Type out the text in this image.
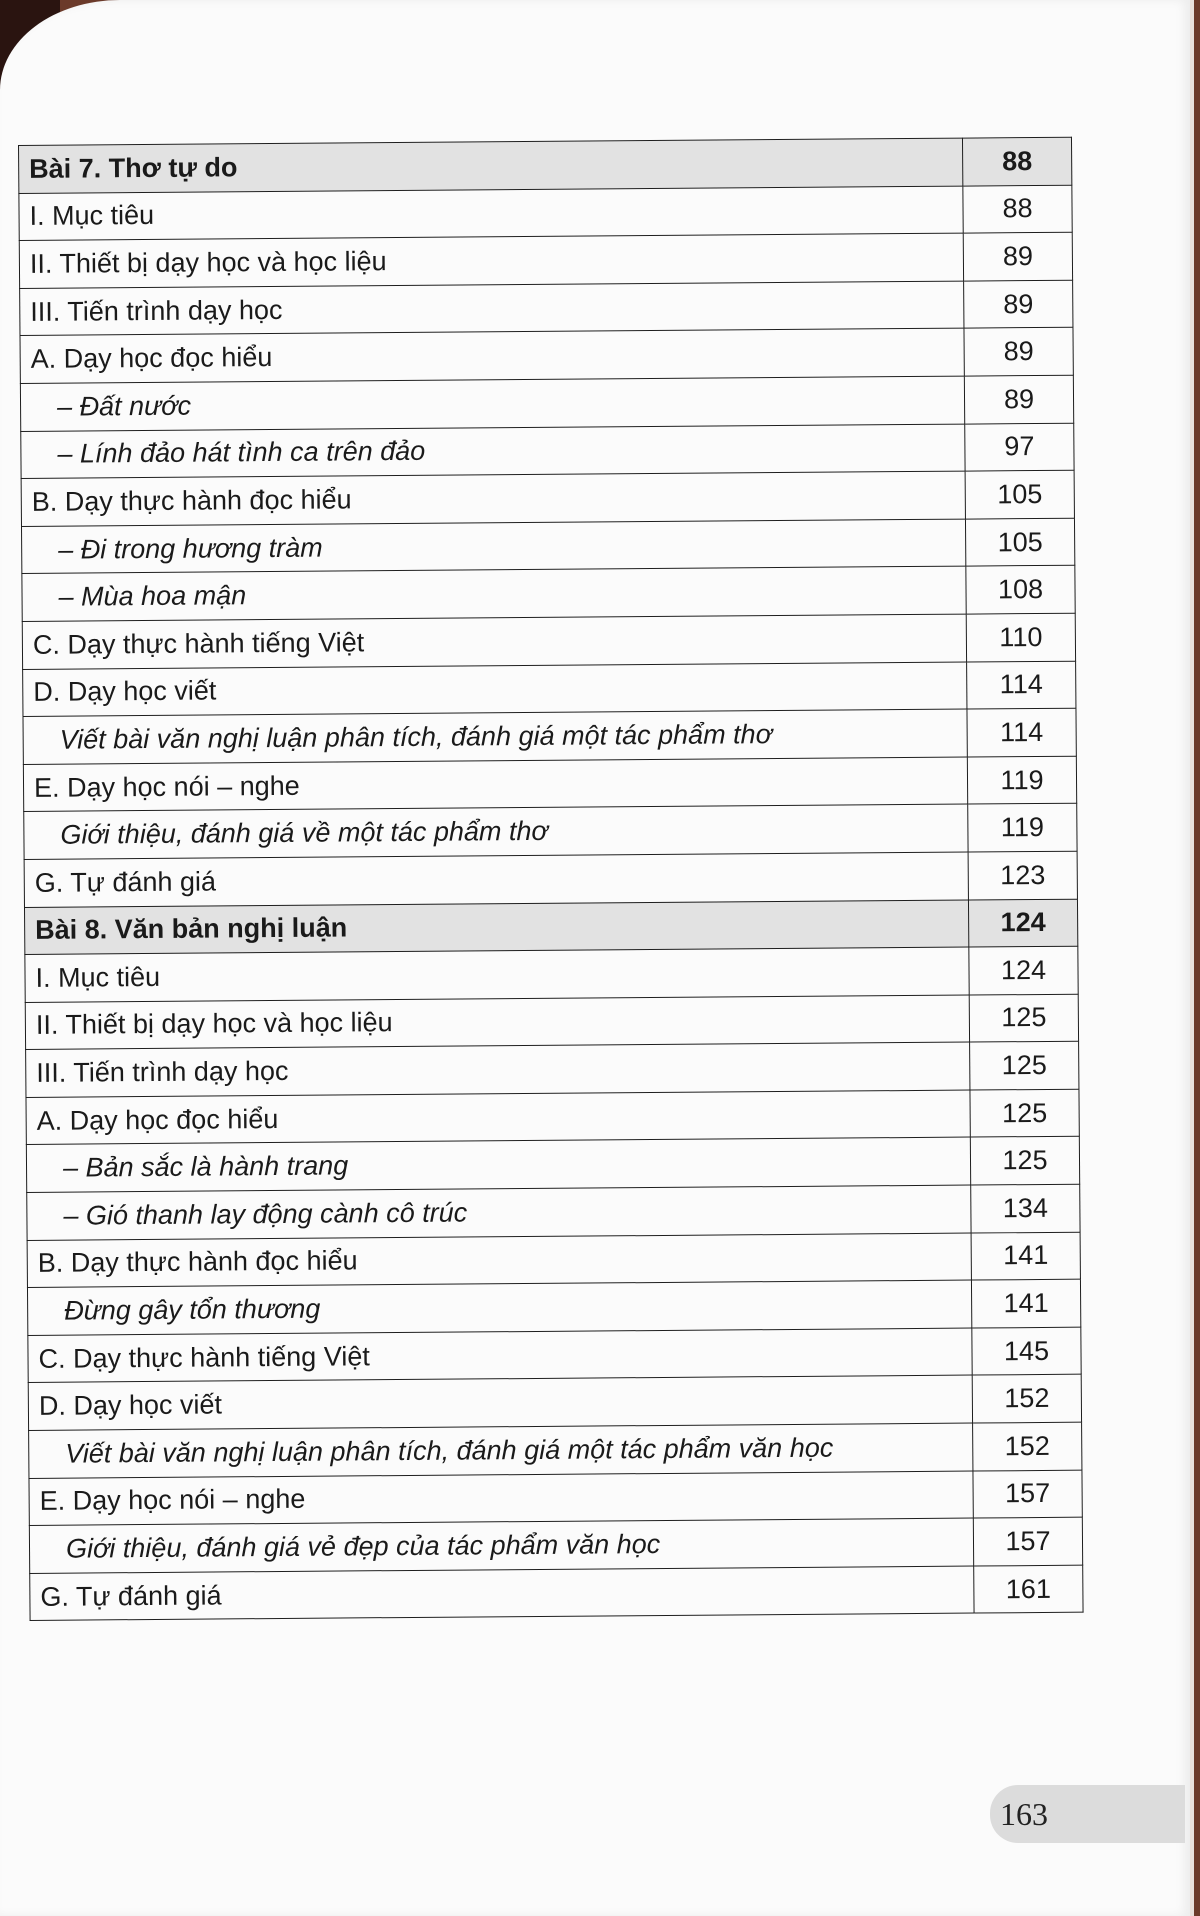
Bài 7. Thơ tự do	88
I. Mục tiêu	88
II. Thiết bị dạy học và học liệu	89
III. Tiến trình dạy học	89
A. Dạy học đọc hiểu	89
– Đất nước	89
– Lính đảo hát tình ca trên đảo	97
B. Dạy thực hành đọc hiểu	105
– Đi trong hương tràm	105
– Mùa hoa mận	108
C. Dạy thực hành tiếng Việt	110
D. Dạy học viết	114
Viết bài văn nghị luận phân tích, đánh giá một tác phẩm thơ	114
E. Dạy học nói – nghe	119
Giới thiệu, đánh giá về một tác phẩm thơ	119
G. Tự đánh giá	123
Bài 8. Văn bản nghị luận	124
I. Mục tiêu	124
II. Thiết bị dạy học và học liệu	125
III. Tiến trình dạy học	125
A. Dạy học đọc hiểu	125
– Bản sắc là hành trang	125
– Gió thanh lay động cành cô trúc	134
B. Dạy thực hành đọc hiểu	141
Đừng gây tổn thương	141
C. Dạy thực hành tiếng Việt	145
D. Dạy học viết	152
Viết bài văn nghị luận phân tích, đánh giá một tác phẩm văn học	152
E. Dạy học nói – nghe	157
Giới thiệu, đánh giá vẻ đẹp của tác phẩm văn học	157
G. Tự đánh giá	161
163
